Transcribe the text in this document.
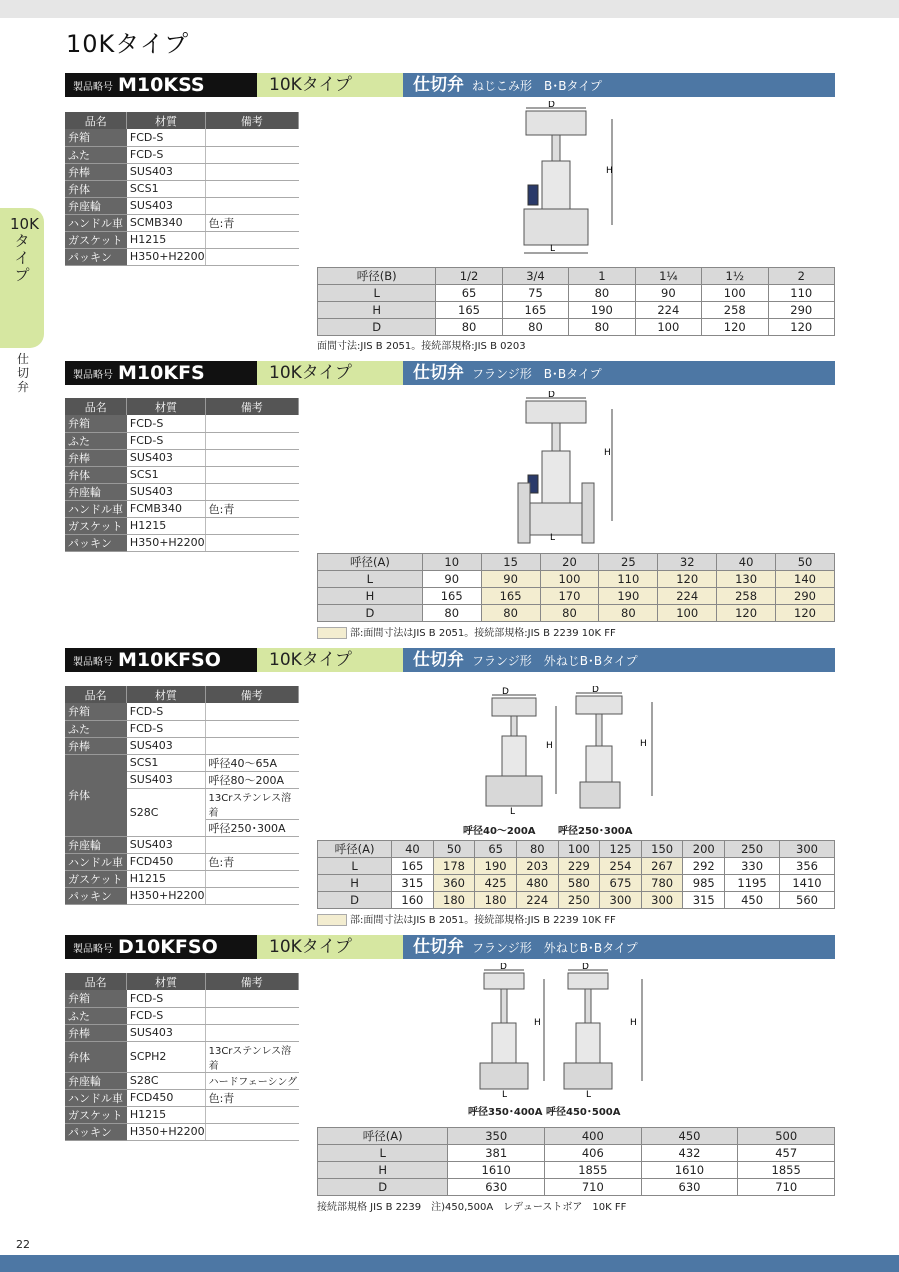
10Kタイプ
10Kタイプ
仕切弁
製品略号 M10KSS	10Kタイプ	仕切弁 ねじこみ形　B･Bタイプ
品名	材質	備考
弁箱	FCD-S	
ふた	FCD-S	
弁棒	SUS403	
弁体	SCS1	
弁座輪	SUS403	
ハンドル車	SCMB340	色:青
ガスケット	H1215	
パッキン	H350+H2200	
D
H
L
呼径(B)	1/2	3/4	1	1¼	1½	2
L	65	75	80	90	100	110
H	165	165	190	224	258	290
D	80	80	80	100	120	120
面間寸法:JIS B 2051。接続部規格:JIS B 0203
製品略号 M10KFS	10Kタイプ	仕切弁 フランジ形　B･Bタイプ
品名	材質	備考
弁箱	FCD-S	
ふた	FCD-S	
弁棒	SUS403	
弁体	SCS1	
弁座輪	SUS403	
ハンドル車	FCMB340	色:青
ガスケット	H1215	
パッキン	H350+H2200	
D
H
L
呼径(A)	10	15	20	25	32	40	50
L	90	90	100	110	120	130	140
H	165	165	170	190	224	258	290
D	80	80	80	80	100	120	120
部:面間寸法はJIS B 2051。接続部規格:JIS B 2239 10K FF
製品略号 M10KFSO	10Kタイプ	仕切弁 フランジ形　外ねじB･Bタイプ
品名	材質	備考
弁箱	FCD-S	
ふた	FCD-S	
弁棒	SUS403	
弁体	SCS1	呼径40～65A
	SUS403	呼径80～200A
	S28C	13Crステンレス溶着
		呼径250･300A
弁座輪	SUS403	
ハンドル車	FCD450	色:青
ガスケット	H1215	
パッキン	H350+H2200	
D
H
L
D
H
呼径40～200A 呼径250･300A
呼径(A)	40	50	65	80	100	125	150	200	250	300
L	165	178	190	203	229	254	267	292	330	356
H	315	360	425	480	580	675	780	985	1195	1410
D	160	180	180	224	250	300	300	315	450	560
部:面間寸法はJIS B 2051。接続部規格:JIS B 2239 10K FF
製品略号 D10KFSO	10Kタイプ	仕切弁 フランジ形　外ねじB･Bタイプ
品名	材質	備考
弁箱	FCD-S	
ふた	FCD-S	
弁棒	SUS403	
弁体	SCPH2	13Crステンレス溶着
弁座輪	S28C	ハードフェーシング
ハンドル車	FCD450	色:青
ガスケット	H1215	
パッキン	H350+H2200	
D
H
L
D
H
L
呼径350･400A 呼径450･500A
呼径(A)	350	400	450	500
L	381	406	432	457
H	1610	1855	1610	1855
D	630	710	630	710
接続部規格 JIS B 2239　注)450,500A　レデューストボア　10K FF
22
